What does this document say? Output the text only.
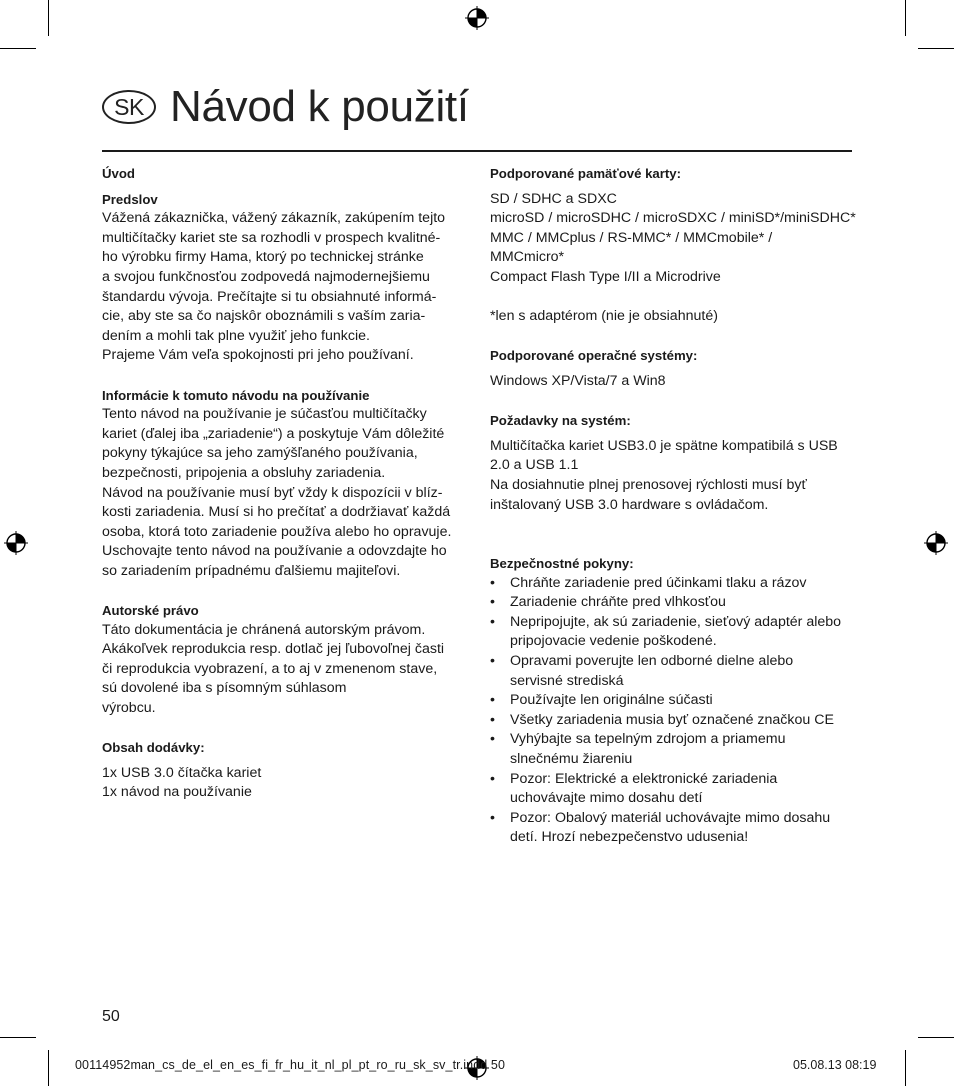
SK Návod k použití

Úvod

Predslov

Vážená zákaznička, vážený zákazník, zakúpením tejto

multičítačky kariet ste sa rozhodli v prospech kvalitné-

ho výrobku firmy Hama, ktorý po technickej stránke

a svojou funkčnosťou zodpovedá najmodernejšiemu

štandardu vývoja. Prečítajte si tu obsiahnuté informá-

cie, aby ste sa čo najskôr oboznámili s vaším zaria-

dením a mohli tak plne využiť jeho funkcie.

Prajeme Vám veľa spokojnosti pri jeho používaní.

Informácie k tomuto návodu na používanie

Tento návod na používanie je súčasťou multičítačky

kariet (ďalej iba „zariadenie“) a poskytuje Vám dôležité

pokyny týkajúce sa jeho zamýšľaného používania,

bezpečnosti, pripojenia a obsluhy zariadenia.

Návod na používanie musí byť vždy k dispozícii v blíz-

kosti zariadenia. Musí si ho prečítať a dodržiavať každá

osoba, ktorá toto zariadenie používa alebo ho opravuje.

Uschovajte tento návod na používanie a odovzdajte ho

so zariadením prípadnému ďalšiemu majiteľovi.

Autorské právo

Táto dokumentácia je chránená autorským právom.

Akákoľvek reprodukcia resp. dotlač jej ľubovoľnej časti

či reprodukcia vyobrazení, a to aj v zmenenom stave,

sú dovolené iba s písomným súhlasom

výrobcu.

Obsah dodávky:

1x USB 3.0 čítačka kariet

1x návod na používanie

Podporované pamäťové karty:

SD / SDHC a SDXC

microSD / microSDHC / microSDXC / miniSD*/miniSDHC*

MMC / MMCplus / RS-MMC* / MMCmobile* /

MMCmicro*

Compact Flash Type I/II a Microdrive

*len s adaptérom (nie je obsiahnuté)

Podporované operačné systémy:

Windows XP/Vista/7 a Win8

Požadavky na systém:

Multičítačka kariet USB3.0 je spätne kompatibilá s USB

2.0 a USB 1.1

Na dosiahnutie plnej prenosovej rýchlosti musí byť

inštalovaný USB 3.0 hardware s ovládačom.

Bezpečnostné pokyny:

• Chráňte zariadenie pred účinkami tlaku a rázov
• Zariadenie chráňte pred vlhkosťou
• Nepripojujte, ak sú zariadenie, sieťový adaptér alebo
pripojovacie vedenie poškodené.
• Opravami poverujte len odborné dielne alebo
servisné strediská
• Používajte len originálne súčasti
• Všetky zariadenia musia byť označené značkou CE
• Vyhýbajte sa tepelným zdrojom a priamemu
slnečnému žiareniu
• Pozor: Elektrické a elektronické zariadenia
uchovávajte mimo dosahu detí
• Pozor: Obalový materiál uchovávajte mimo dosahu
detí. Hrozí nebezpečenstvo udusenia!
50
00114952man_cs_de_el_en_es_fi_fr_hu_it_nl_pl_pt_ro_ru_sk_sv_tr.indd 50	05.08.13 08:19
